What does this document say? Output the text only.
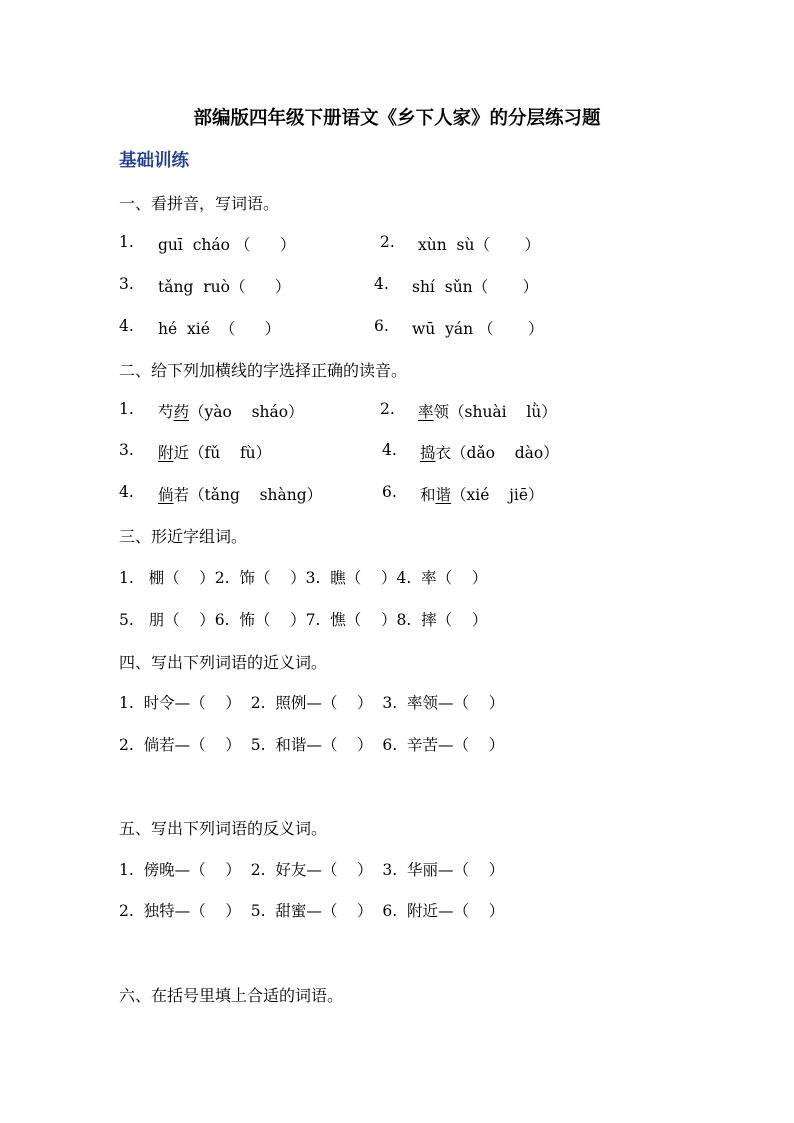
部编版四年级下册语文《乡下人家》的分层练习题
基础训练
一、看拼音，写词语。
1. guī  cháo （      ）	2. xùn  sù（       ）
3. tǎng  ruò（      ）	4. shí  sǔn（       ）
4. hé  xié  （      ）	6. wū  yán （       ）
二、给下列加横线的字选择正确的读音。
1. 芍药（yào    sháo）	2. 率领（shuài    lǜ）
3. 附近（fǔ    fù）	4. 捣衣（dǎo    dào）
4. 倘若（tǎng    shàng）	6. 和谐（xié    jiē）
三、形近字组词。
1.   棚（    ）2.  饰（    ）3.  瞧（    ）4.  率（    ）
5.   朋（    ）6.  怖（    ）7.  憔（    ）8.  摔（    ）
四、写出下列词语的近义词。
1.  时令—（    ）  2.  照例—（    ）  3.  率领—（    ）
2.  倘若—（    ）  5.  和谐—（    ）  6.  辛苦—（    ）
五、写出下列词语的反义词。
1.  傍晚—（    ）  2.  好友—（    ）  3.  华丽—（    ）
2.  独特—（    ）  5.  甜蜜—（    ）  6.  附近—（    ）
六、在括号里填上合适的词语。
